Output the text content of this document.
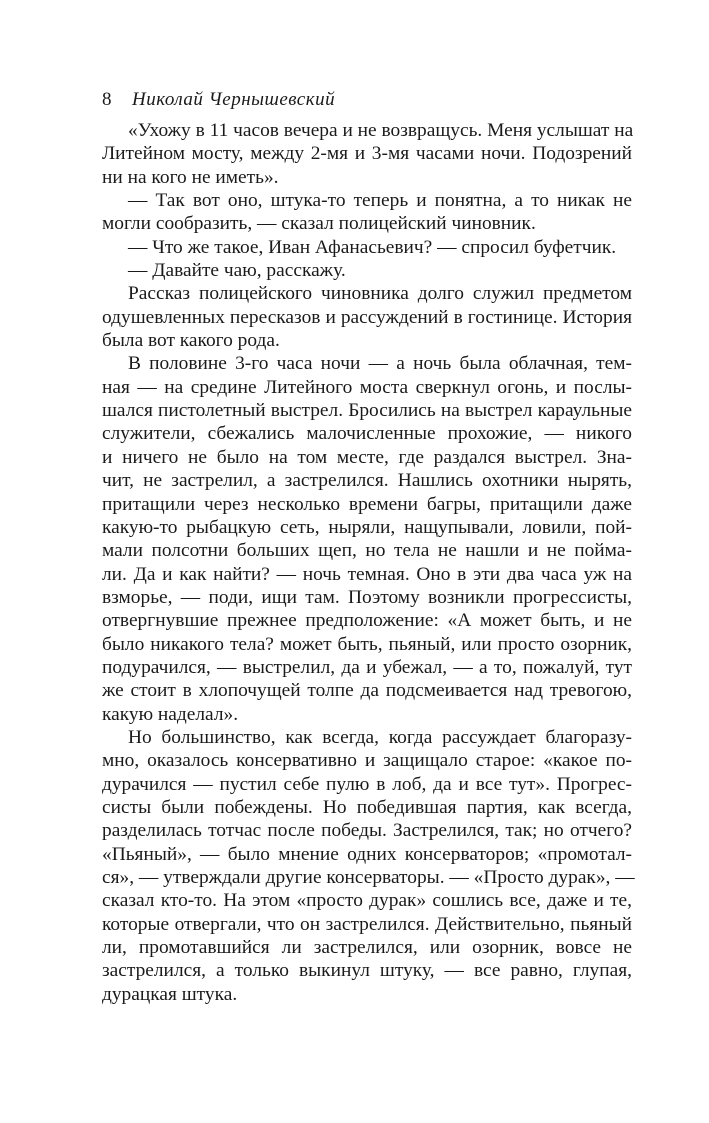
8	Николай Чернышевский
«Ухожу в 11 часов вечера и не возвращусь. Меня услышат на
Литейном мосту, между 2-мя и 3-мя часами ночи. Подозрений
ни на кого не иметь».
— Так вот оно, штука-то теперь и понятна, а то никак не
могли сообразить, — сказал полицейский чиновник.
— Что же такое, Иван Афанасьевич? — спросил буфетчик.
— Давайте чаю, расскажу.
Рассказ полицейского чиновника долго служил предметом
одушевленных пересказов и рассуждений в гостинице. История
была вот какого рода.
В половине 3-го часа ночи — а ночь была облачная, тем-
ная — на средине Литейного моста сверкнул огонь, и послы-
шался пистолетный выстрел. Бросились на выстрел караульные
служители, сбежались малочисленные прохожие, — никого
и ничего не было на том месте, где раздался выстрел. Зна-
чит, не застрелил, а застрелился. Нашлись охотники нырять,
притащили через несколько времени багры, притащили даже
какую-то рыбацкую сеть, ныряли, нащупывали, ловили, пой-
мали полсотни больших щеп, но тела не нашли и не поймa-
ли. Да и как найти? — ночь темная. Оно в эти два часа уж на
взморье, — поди, ищи там. Поэтому возникли прогрессисты,
отвергнувшие прежнее предположение: «А может быть, и не
было никакого тела? может быть, пьяный, или просто озорник,
подурачился, — выстрелил, да и убежал, — а то, пожалуй, тут
же стоит в хлопочущей толпе да подсмеивается над тревогою,
какую наделал».
Но большинство, как всегда, когда рассуждает благоразу-
мно, оказалось консервативно и защищало старое: «какое по-
дурачился — пустил себе пулю в лоб, да и все тут». Прогрес-
систы были побеждены. Но победившая партия, как всегда,
разделилась тотчас после победы. Застрелился, так; но отчего?
«Пьяный», — было мнение одних консерваторов; «промотал-
ся», — утверждали другие консерваторы. — «Просто дурак», —
сказал кто-то. На этом «просто дурак» сошлись все, даже и те,
которые отвергали, что он застрелился. Действительно, пьяный
ли, промотавшийся ли застрелился, или озорник, вовсе не
застрелился, а только выкинул штуку, — все равно, глупая,
дурацкая штука.
